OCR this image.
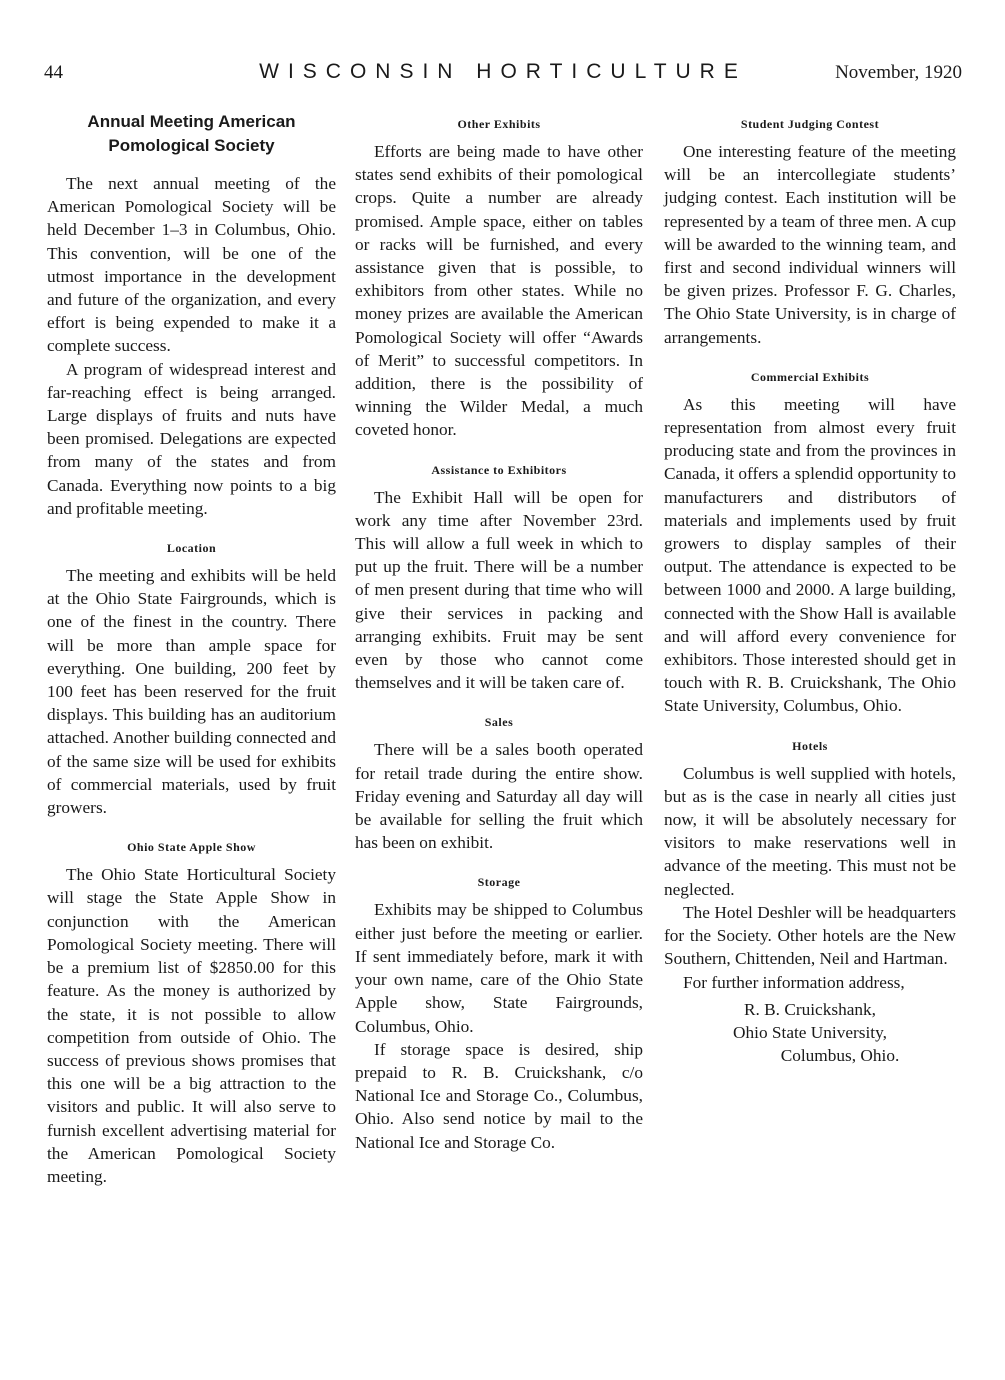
44	WISCONSIN HORTICULTURE	November, 1920
Annual Meeting American Pomological Society

The next annual meeting of the American Pomological Society will be held December 1–3 in Columbus, Ohio. This convention, will be one of the utmost importance in the development and future of the organization, and every effort is being expended to make it a complete success.

A program of widespread interest and far-reaching effect is being arranged. Large displays of fruits and nuts have been promised. Delegations are expected from many of the states and from Canada. Everything now points to a big and profitable meeting.

Location

The meeting and exhibits will be held at the Ohio State Fairgrounds, which is one of the finest in the country. There will be more than ample space for everything. One building, 200 feet by 100 feet has been reserved for the fruit displays. This building has an auditorium attached. Another building connected and of the same size will be used for exhibits of commercial materials, used by fruit growers.

Ohio State Apple Show

The Ohio State Horticultural Society will stage the State Apple Show in conjunction with the American Pomological Society meeting. There will be a premium list of $2850.00 for this feature. As the money is authorized by the state, it is not possible to allow competition from outside of Ohio. The success of previous shows promises that this one will be a big attraction to the visitors and public. It will also serve to furnish excellent advertising material for the American Pomological Society meeting.

Other Exhibits

Efforts are being made to have other states send exhibits of their pomological crops. Quite a number are already promised. Ample space, either on tables or racks will be furnished, and every assistance given that is possible, to exhibitors from other states. While no money prizes are available the American Pomological Society will offer “Awards of Merit” to successful competitors. In addition, there is the possibility of winning the Wilder Medal, a much coveted honor.

Assistance to Exhibitors

The Exhibit Hall will be open for work any time after November 23rd. This will allow a full week in which to put up the fruit. There will be a number of men present during that time who will give their services in packing and arranging exhibits. Fruit may be sent even by those who cannot come themselves and it will be taken care of.

Sales

There will be a sales booth operated for retail trade during the entire show. Friday evening and Saturday all day will be available for selling the fruit which has been on exhibit.

Storage

Exhibits may be shipped to Columbus either just before the meeting or earlier. If sent immediately before, mark it with your own name, care of the Ohio State Apple show, State Fairgrounds, Columbus, Ohio.

If storage space is desired, ship prepaid to R. B. Cruickshank, c/o National Ice and Storage Co., Columbus, Ohio. Also send notice by mail to the National Ice and Storage Co.

Student Judging Contest

One interesting feature of the meeting will be an intercollegiate students’ judging contest. Each institution will be represented by a team of three men. A cup will be awarded to the winning team, and first and second individual winners will be given prizes. Professor F. G. Charles, The Ohio State University, is in charge of arrangements.

Commercial Exhibits

As this meeting will have representation from almost every fruit producing state and from the provinces in Canada, it offers a splendid opportunity to manufacturers and distributors of materials and implements used by fruit growers to display samples of their output. The attendance is expected to be between 1000 and 2000. A large building, connected with the Show Hall is available and will afford every convenience for exhibitors. Those interested should get in touch with R. B. Cruickshank, The Ohio State University, Columbus, Ohio.

Hotels

Columbus is well supplied with hotels, but as is the case in nearly all cities just now, it will be absolutely necessary for visitors to make reservations well in advance of the meeting. This must not be neglected.

The Hotel Deshler will be headquarters for the Society. Other hotels are the New Southern, Chittenden, Neil and Hartman.

For further information address,

R. B. Cruickshank,
Ohio State University,
Columbus, Ohio.
